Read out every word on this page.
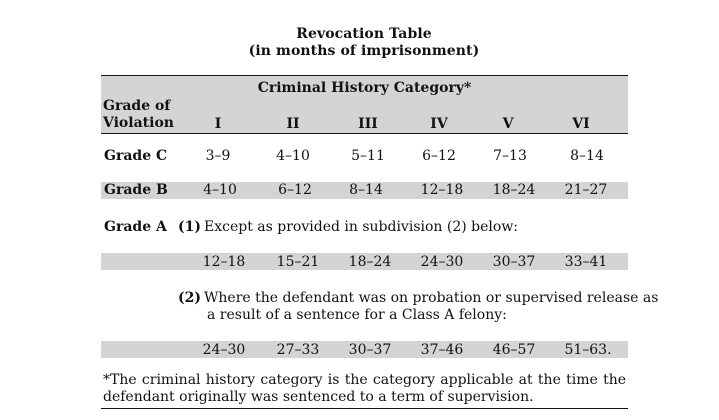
Revocation Table
(in months of imprisonment)
Criminal History Category*
Grade of
Violation	I	II	III	IV	V	VI
Grade C	3–9	4–10	5–11	6–12	7–13	8–14
Grade B	4–10	6–12	8–14	12–18	18–24	21–27
Grade A (1) Except as provided in subdivision (2) below:
12–18	15–21	18–24	24–30	30–37	33–41
(2) Where the defendant was on probation or supervised release as
a result of a sentence for a Class A felony:
24–30	27–33	30–37	37–46	46–57	51–63.
*The criminal history category is the category applicable at the time the defendant originally was sentenced to a term of supervision.
